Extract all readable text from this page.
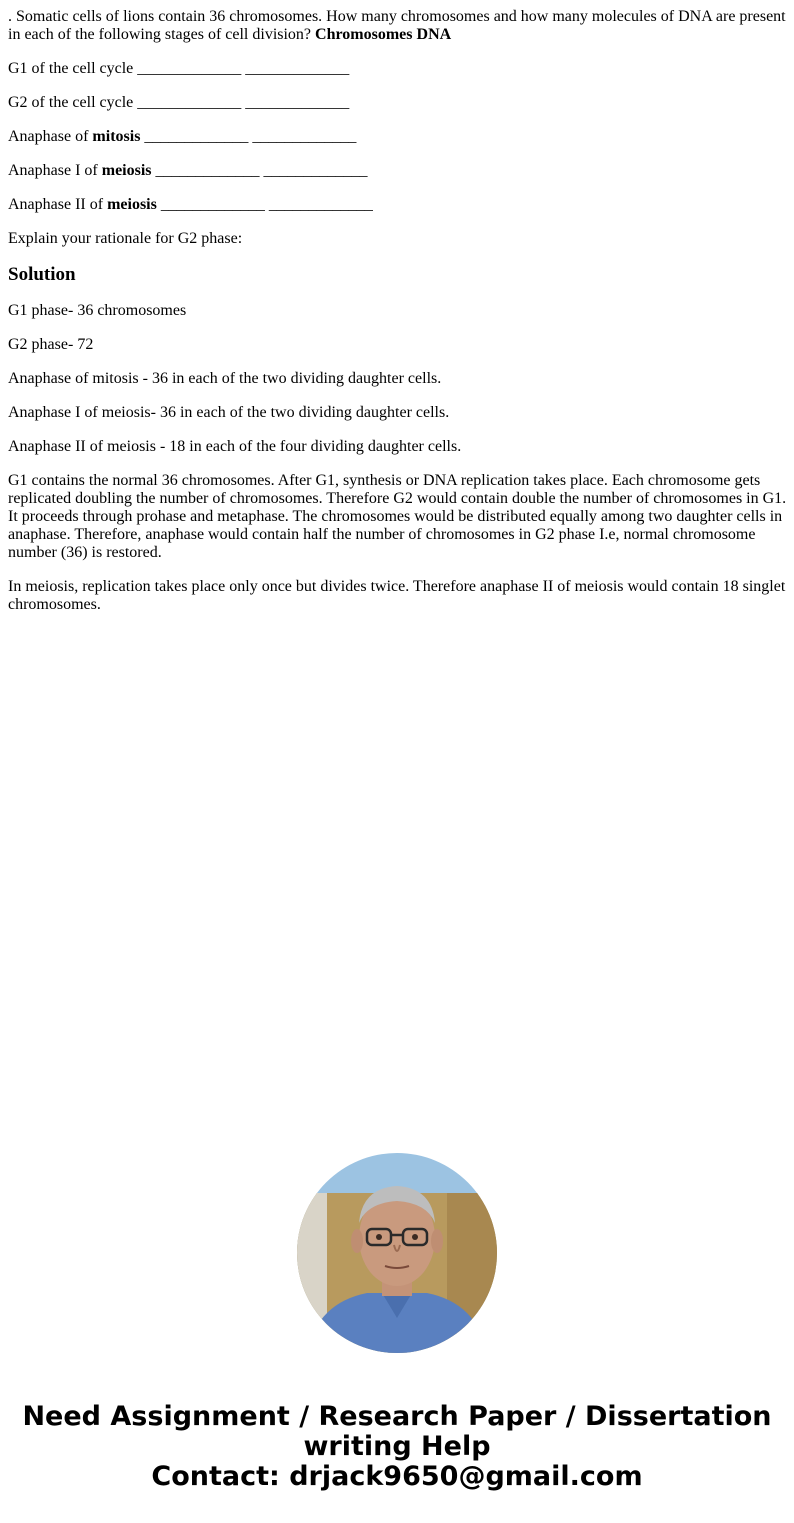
. Somatic cells of lions contain 36 chromosomes. How many chromosomes and how many molecules of DNA are present in each of the following stages of cell division? Chromosomes DNA

G1 of the cell cycle _____________ _____________

G2 of the cell cycle _____________ _____________

Anaphase of mitosis _____________ _____________

Anaphase I of meiosis _____________ _____________

Anaphase II of meiosis _____________ _____________

Explain your rationale for G2 phase:

Solution

G1 phase- 36 chromosomes

G2 phase- 72

Anaphase of mitosis - 36 in each of the two dividing daughter cells.

Anaphase I of meiosis- 36 in each of the two dividing daughter cells.

Anaphase II of meiosis - 18 in each of the four dividing daughter cells.

G1 contains the normal 36 chromosomes. After G1, synthesis or DNA replication takes place. Each chromosome gets replicated doubling the number of chromosomes. Therefore G2 would contain double the number of chromosomes in G1. It proceeds through prohase and metaphase. The chromosomes would be distributed equally among two daughter cells in anaphase. Therefore, anaphase would contain half the number of chromosomes in G2 phase I.e, normal chromosome number (36) is restored.

In meiosis, replication takes place only once but divides twice. Therefore anaphase II of meiosis would contain 18 singlet chromosomes.

Need Assignment / Research Paper / Dissertation
writing Help
Contact: drjack9650@gmail.com
